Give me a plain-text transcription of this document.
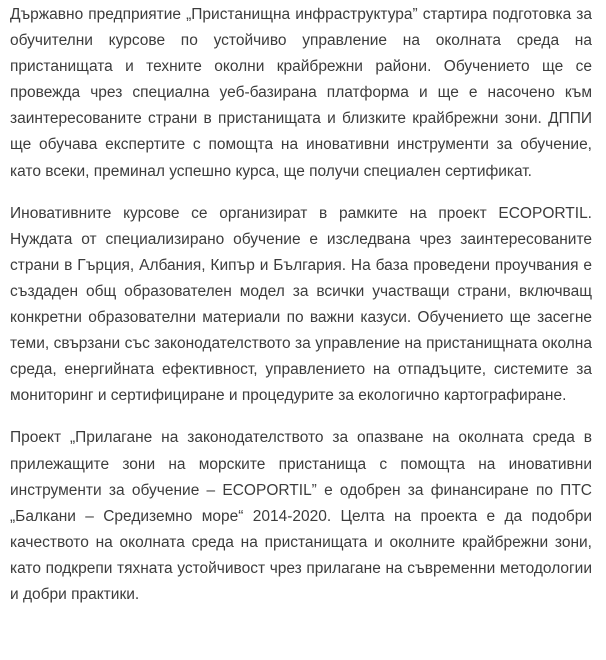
Държавно предприятие „Пристанищна инфраструктура” стартира подготовка за обучителни курсове по устойчиво управление на околната среда на пристанищата и техните околни крайбрежни райони. Обучението ще се провежда чрез специална уеб-базирана платформа и ще е насочено към заинтересованите страни в пристанищата и близките крайбрежни зони. ДППИ ще обучава експертите с помощта на иновативни инструменти за обучение, като всеки, преминал успешно курса, ще получи специален сертификат.

Иновативните курсове се организират в рамките на проект ECOPORTIL. Нуждата от специализирано обучение е изследвана чрез заинтересованите страни в Гърция, Албания, Кипър и България. На база проведени проучвания е създаден общ образователен модел за всички участващи страни, включващ конкретни образователни материали по важни казуси. Обучението ще засегне теми, свързани със законодателството за управление на пристанищната околна среда, енергийната ефективност, управлението на отпадъците, системите за мониторинг и сертифициране и процедурите за екологично картографиране.

Проект „Прилагане на законодателството за опазване на околната среда в прилежащите зони на морските пристанища с помощта на иновативни инструменти за обучение – ECOPORTIL” е одобрен за финансиране по ПТС „Балкани – Средиземно море“ 2014-2020. Целта на проекта е да подобри качеството на околната среда на пристанищата и околните крайбрежни зони, като подкрепи тяхната устойчивост чрез прилагане на съвременни методологии и добри практики.
